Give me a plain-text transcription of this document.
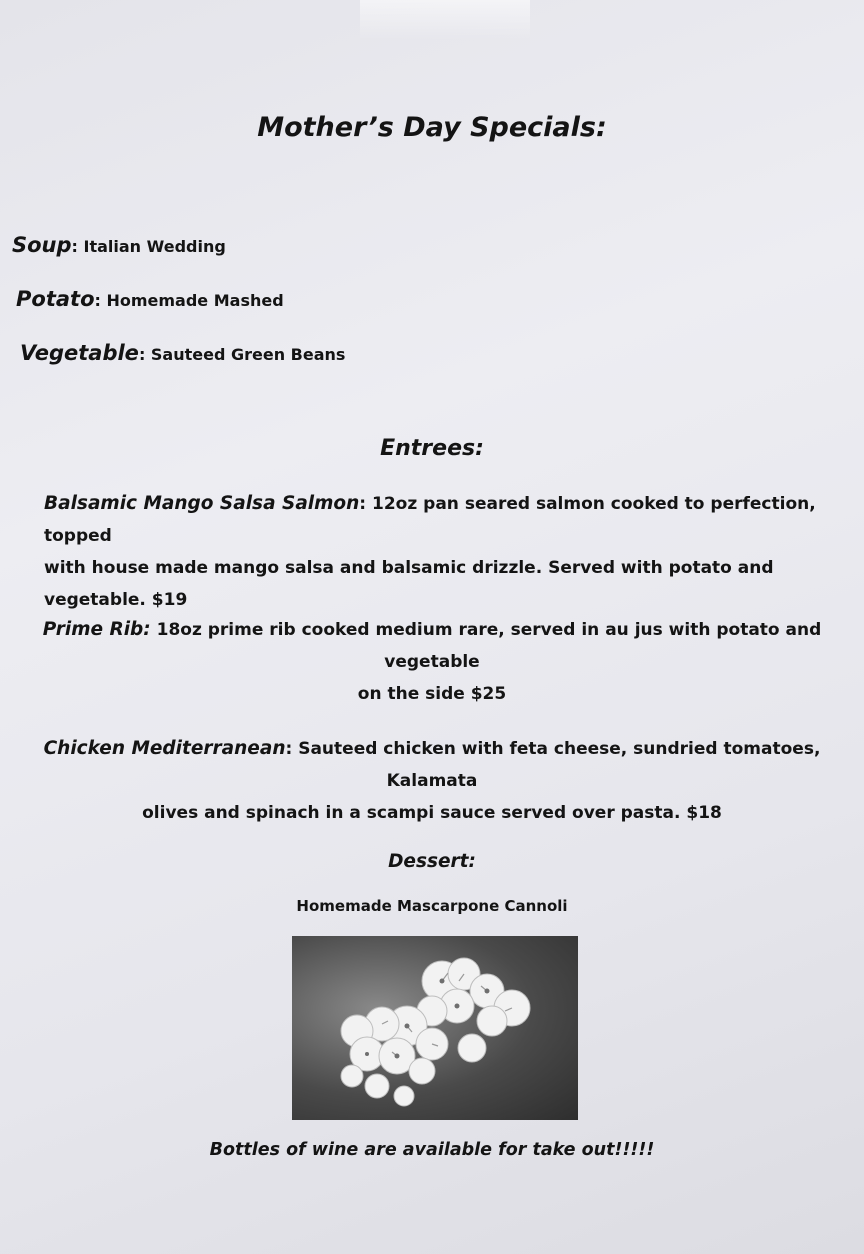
Mother’s Day Specials:
Soup: Italian Wedding
Potato: Homemade Mashed
Vegetable: Sauteed Green Beans
Entrees:
Balsamic Mango Salsa Salmon: 12oz pan seared salmon cooked to perfection, topped
with house made mango salsa and balsamic drizzle. Served with potato and vegetable. $19
Prime Rib: 18oz prime rib cooked medium rare, served in au jus with potato and vegetable
on the side $25
Chicken Mediterranean: Sauteed chicken with feta cheese, sundried tomatoes, Kalamata
olives and spinach in a scampi sauce served over pasta. $18
Dessert:
Homemade Mascarpone Cannoli
Bottles of wine are available for take out!!!!!
